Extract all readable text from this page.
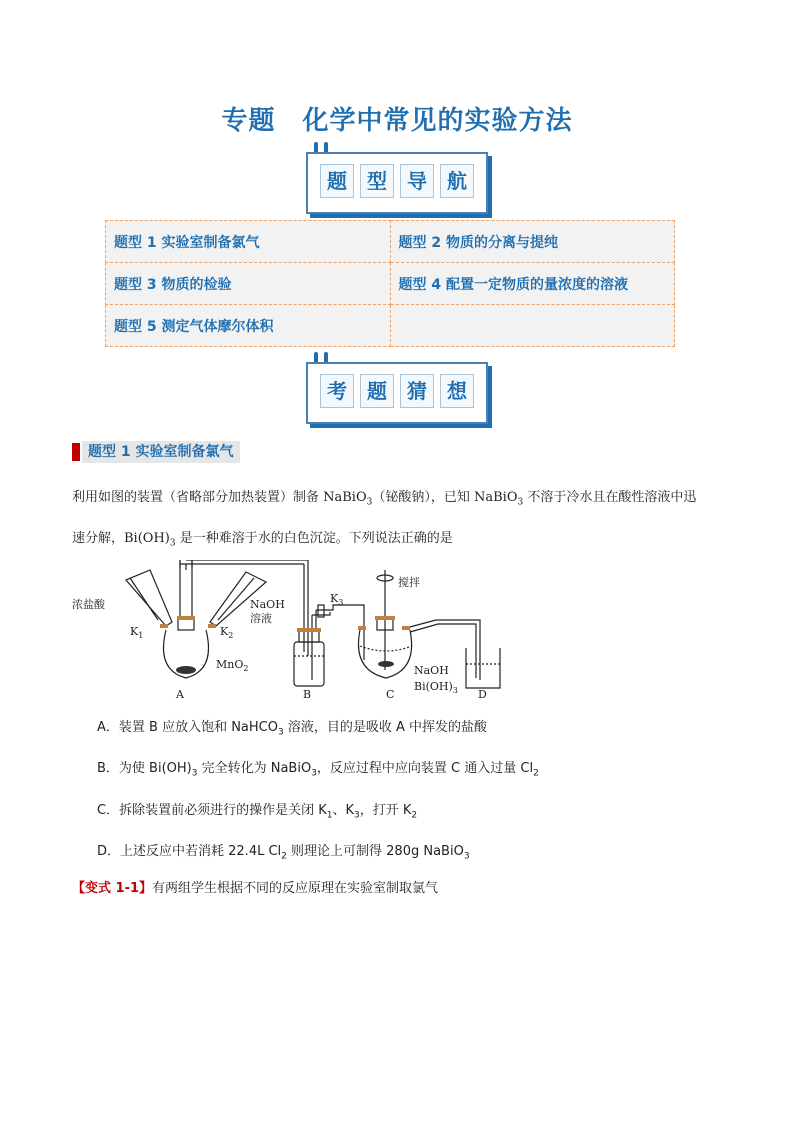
专题　化学中常见的实验方法
题	型	导	航
题型 1 实验室制备氯气	题型 2 物质的分离与提纯
题型 3 物质的检验	题型 4 配置一定物质的量浓度的溶液
题型 5 测定气体摩尔体积	
考	题	猜	想
题型 1 实验室制备氯气
利用如图的装置（省略部分加热装置）制备 NaBiO$_3$（铋酸钠），已知 NaBiO$_3$ 不溶于冷水且在酸性溶液中迅
速分解，$Bi(OH)_3$ 是一种难溶于水的白色沉淀。下列说法正确的是
浓盐酸
$K_1$	$K_2$
NaOH
溶液
MnO$_2$
$K_3$
搅拌
NaOH
$Bi(OH)_3$
A	B	C	D
A．装置 B 应放入饱和 NaHCO$_3$ 溶液，目的是吸收 A 中挥发的盐酸
B．为使 $Bi(OH)_3$ 完全转化为 NaBiO$_3$，反应过程中应向装置 C 通入过量 $Cl_2$
C．拆除装置前必须进行的操作是关闭 $K_1$、$K_3$，打开 $K_2$
D．上述反应中若消耗 22.4L $Cl_2$ 则理论上可制得 280g NaBiO$_3$
【变式 1-1】有两组学生根据不同的反应原理在实验室制取氯气
